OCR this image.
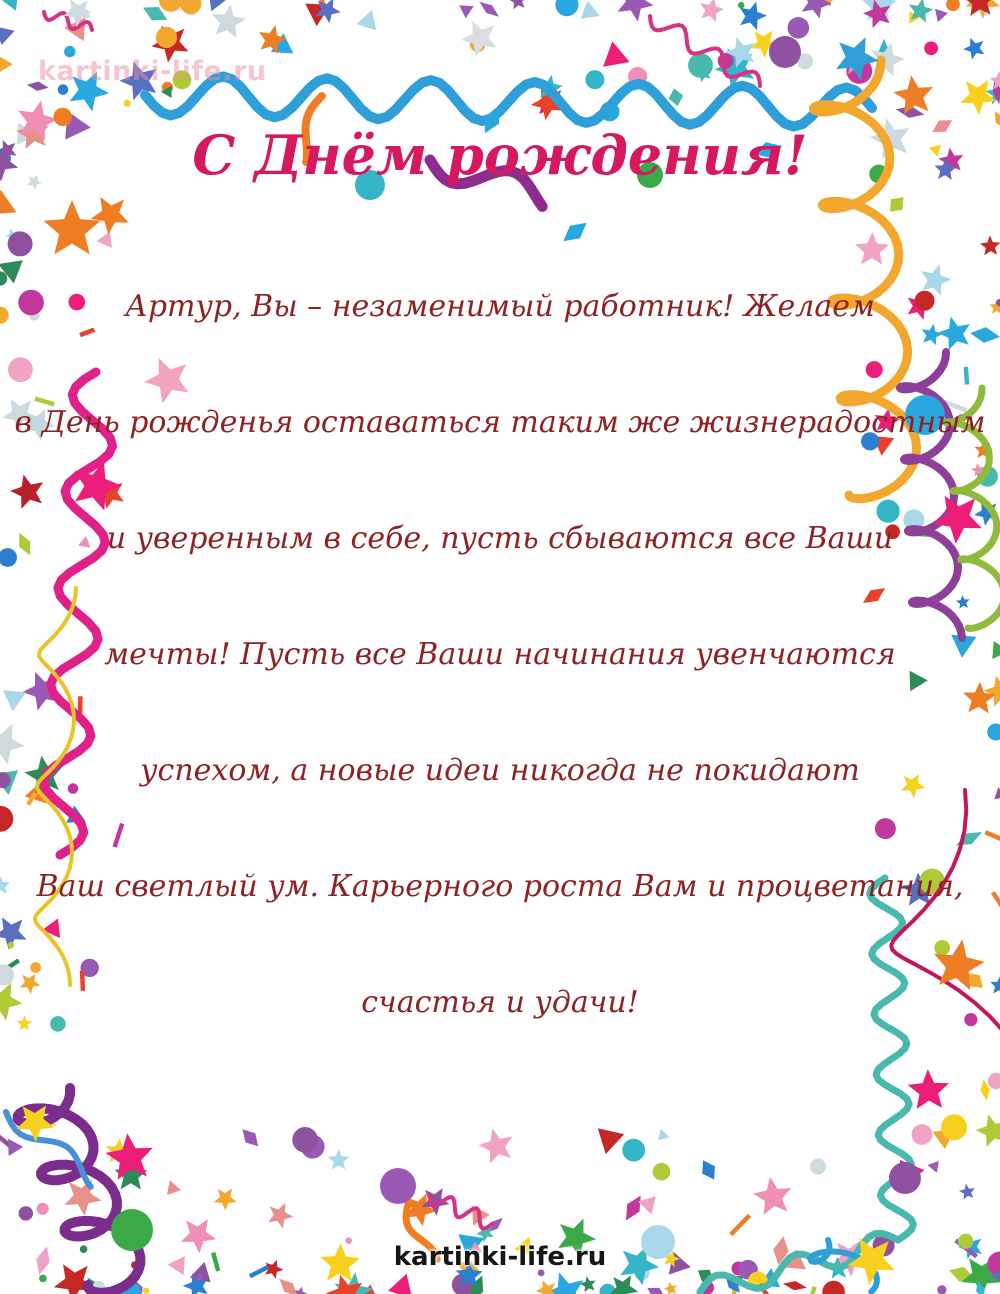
kartinki-life.ru
С Днём рождения!

Артур, Вы – незаменимый работник! Желаем

в День рожденья оставаться таким же жизнерадостным

и уверенным в себе, пусть сбываются все Ваши

мечты! Пусть все Ваши начинания увенчаются

успехом, а новые идеи никогда не покидают

Ваш светлый ум. Карьерного роста Вам и процветания,

счастья и удачи!

kartinki-life.ru
